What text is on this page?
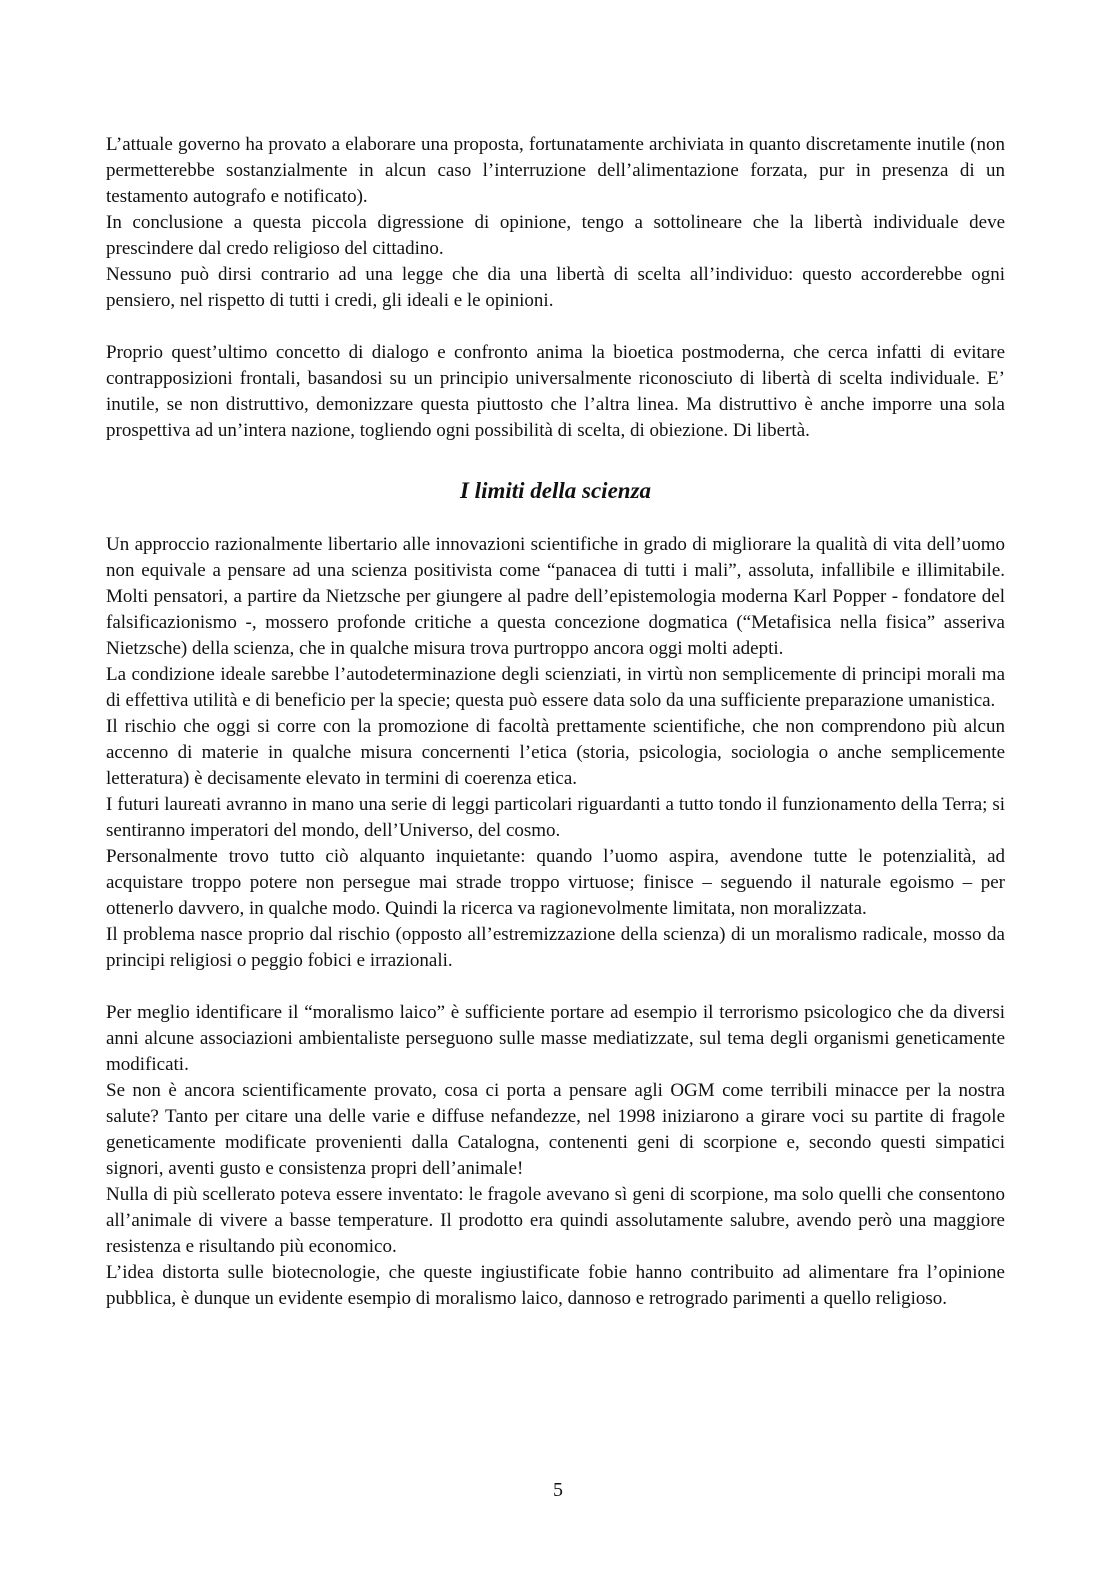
L’attuale governo ha provato a elaborare una proposta, fortunatamente archiviata in quanto discretamente inutile (non permetterebbe sostanzialmente in alcun caso l’interruzione dell’alimentazione forzata, pur in presenza di un testamento autografo e notificato).

In conclusione a questa piccola digressione di opinione, tengo a sottolineare che la libertà individuale deve prescindere dal credo religioso del cittadino.

Nessuno può dirsi contrario ad una legge che dia una libertà di scelta all’individuo: questo accorderebbe ogni pensiero, nel rispetto di tutti i credi, gli ideali e le opinioni.

Proprio quest’ultimo concetto di dialogo e confronto anima la bioetica postmoderna, che cerca infatti di evitare contrapposizioni frontali, basandosi su un principio universalmente riconosciuto di libertà di scelta individuale. E’ inutile, se non distruttivo, demonizzare questa piuttosto che l’altra linea. Ma distruttivo è anche imporre una sola prospettiva ad un’intera nazione, togliendo ogni possibilità di scelta, di obiezione. Di libertà.

I limiti della scienza

Un approccio razionalmente libertario alle innovazioni scientifiche in grado di migliorare la qualità di vita dell’uomo non equivale a pensare ad una scienza positivista come “panacea di tutti i mali”, assoluta, infallibile e illimitabile. Molti pensatori, a partire da Nietzsche per giungere al padre dell’epistemologia moderna Karl Popper - fondatore del falsificazionismo -, mossero profonde critiche a questa concezione dogmatica (“Metafisica nella fisica” asseriva Nietzsche) della scienza, che in qualche misura trova purtroppo ancora oggi molti adepti.

La condizione ideale sarebbe l’autodeterminazione degli scienziati, in virtù non semplicemente di principi morali ma di effettiva utilità e di beneficio per la specie; questa può essere data solo da una sufficiente preparazione umanistica.

Il rischio che oggi si corre con la promozione di facoltà prettamente scientifiche, che non comprendono più alcun accenno di materie in qualche misura concernenti l’etica (storia, psicologia, sociologia o anche semplicemente letteratura) è decisamente elevato in termini di coerenza etica.

I futuri laureati avranno in mano una serie di leggi particolari riguardanti a tutto tondo il funzionamento della Terra; si sentiranno imperatori del mondo, dell’Universo, del cosmo.

Personalmente trovo tutto ciò alquanto inquietante: quando l’uomo aspira, avendone tutte le potenzialità, ad acquistare troppo potere non persegue mai strade troppo virtuose; finisce – seguendo il naturale egoismo – per ottenerlo davvero, in qualche modo. Quindi la ricerca va ragionevolmente limitata, non moralizzata.

Il problema nasce proprio dal rischio (opposto all’estremizzazione della scienza) di un moralismo radicale, mosso da principi religiosi o peggio fobici e irrazionali.

Per meglio identificare il “moralismo laico” è sufficiente portare ad esempio il terrorismo psicologico che da diversi anni alcune associazioni ambientaliste perseguono sulle masse mediatizzate, sul tema degli organismi geneticamente modificati.

Se non è ancora scientificamente provato, cosa ci porta a pensare agli OGM come terribili minacce per la nostra salute? Tanto per citare una delle varie e diffuse nefandezze, nel 1998 iniziarono a girare voci su partite di fragole geneticamente modificate provenienti dalla Catalogna, contenenti geni di scorpione e, secondo questi simpatici signori, aventi gusto e consistenza propri dell’animale!

Nulla di più scellerato poteva essere inventato: le fragole avevano sì geni di scorpione, ma solo quelli che consentono all’animale di vivere a basse temperature. Il prodotto era quindi assolutamente salubre, avendo però una maggiore resistenza e risultando più economico.

L’idea distorta sulle biotecnologie, che queste ingiustificate fobie hanno contribuito ad alimentare fra l’opinione pubblica, è dunque un evidente esempio di moralismo laico, dannoso e retrogrado parimenti a quello religioso.

5
